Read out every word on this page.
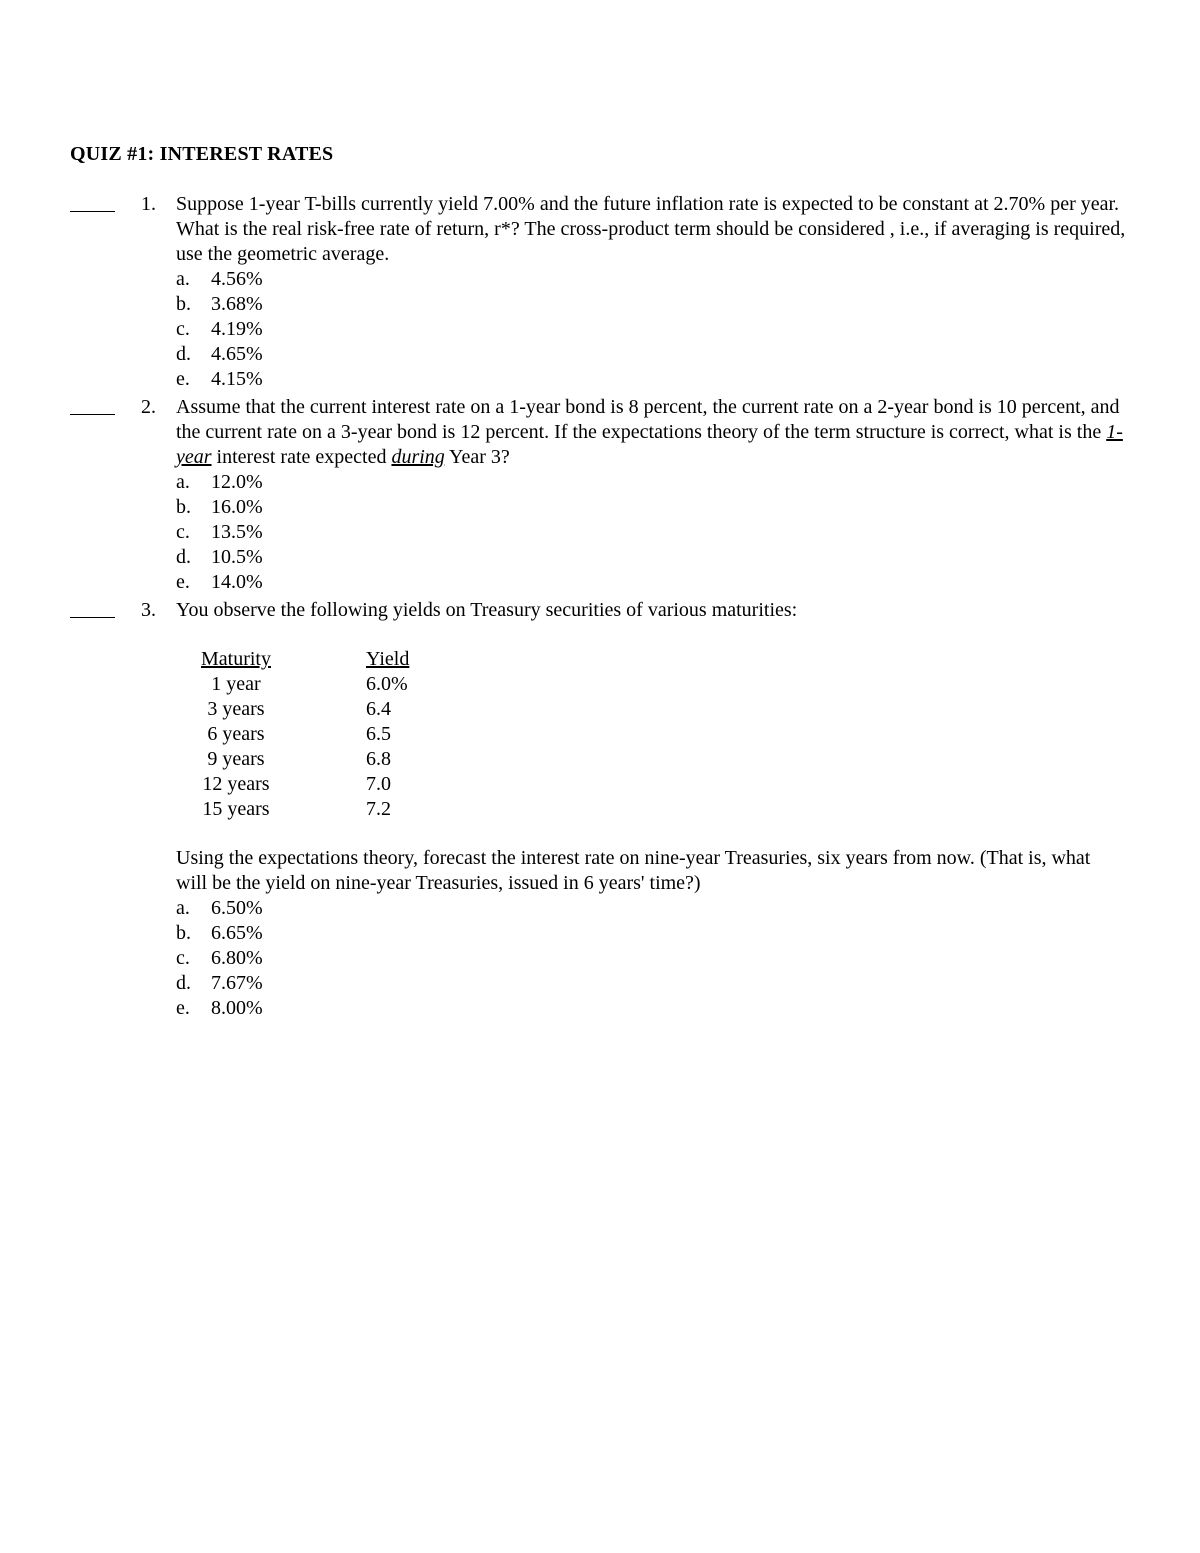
QUIZ #1: INTEREST RATES
1. Suppose 1-year T-bills currently yield 7.00% and the future inflation rate is expected to be constant at 2.70% per year. What is the real risk-free rate of return, r*? The cross-product term should be considered , i.e., if averaging is required, use the geometric average.

a. 4.56%
b. 3.68%
c. 4.19%
d. 4.65%
e. 4.15%
2. Assume that the current interest rate on a 1-year bond is 8 percent, the current rate on a 2-year bond is 10 percent, and the current rate on a 3-year bond is 12 percent. If the expectations theory of the term structure is correct, what is the 1-year interest rate expected during Year 3?

a. 12.0%
b. 16.0%
c. 13.5%
d. 10.5%
e. 14.0%
3. You observe the following yields on Treasury securities of various maturities:

Maturity	Yield
1 year	6.0%
3 years	6.4
6 years	6.5
9 years	6.8
12 years	7.0
15 years	7.2

Using the expectations theory, forecast the interest rate on nine-year Treasuries, six years from now. (That is, what will be the yield on nine-year Treasuries, issued in 6 years' time?)

a. 6.50%
b. 6.65%
c. 6.80%
d. 7.67%
e. 8.00%
